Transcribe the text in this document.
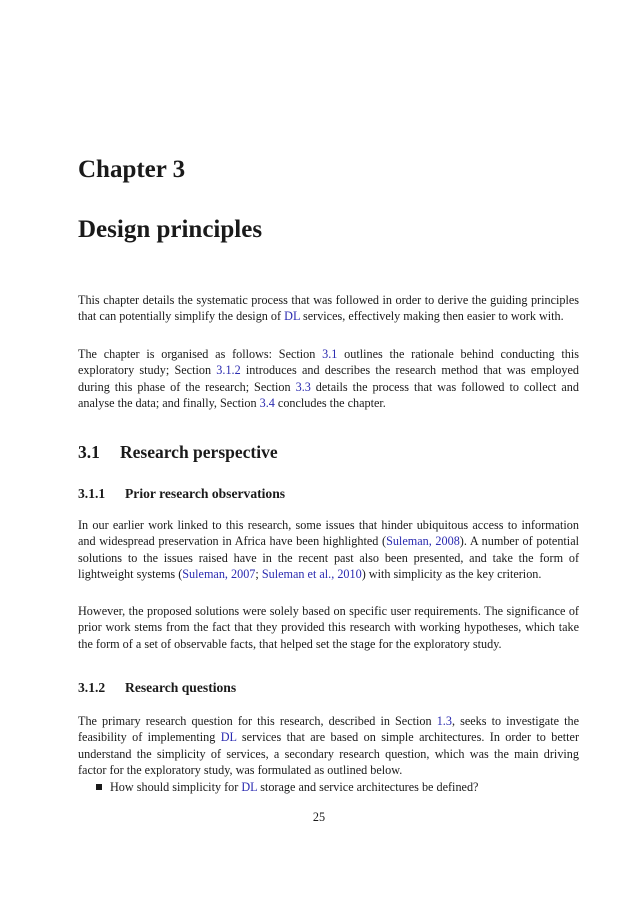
Chapter 3
Design principles

This chapter details the systematic process that was followed in order to derive the guiding principles that can potentially simplify the design of DL services, effectively making then easier to work with.

The chapter is organised as follows: Section 3.1 outlines the rationale behind conducting this exploratory study; Section 3.1.2 introduces and describes the research method that was employed during this phase of the research; Section 3.3 details the process that was followed to collect and analyse the data; and finally, Section 3.4 concludes the chapter.

3.1 Research perspective
3.1.1 Prior research observations

In our earlier work linked to this research, some issues that hinder ubiquitous access to information and widespread preservation in Africa have been highlighted (Suleman, 2008). A number of potential solutions to the issues raised have in the recent past also been presented, and take the form of lightweight systems (Suleman, 2007; Suleman et al., 2010) with simplicity as the key criterion.

However, the proposed solutions were solely based on specific user requirements. The significance of prior work stems from the fact that they provided this research with working hypotheses, which take the form of a set of observable facts, that helped set the stage for the exploratory study.

3.1.2 Research questions

The primary research question for this research, described in Section 1.3, seeks to investigate the feasibility of implementing DL services that are based on simple architectures. In order to better understand the simplicity of services, a secondary research question, which was the main driving factor for the exploratory study, was formulated as outlined below.

How should simplicity for DL storage and service architectures be defined?

25
